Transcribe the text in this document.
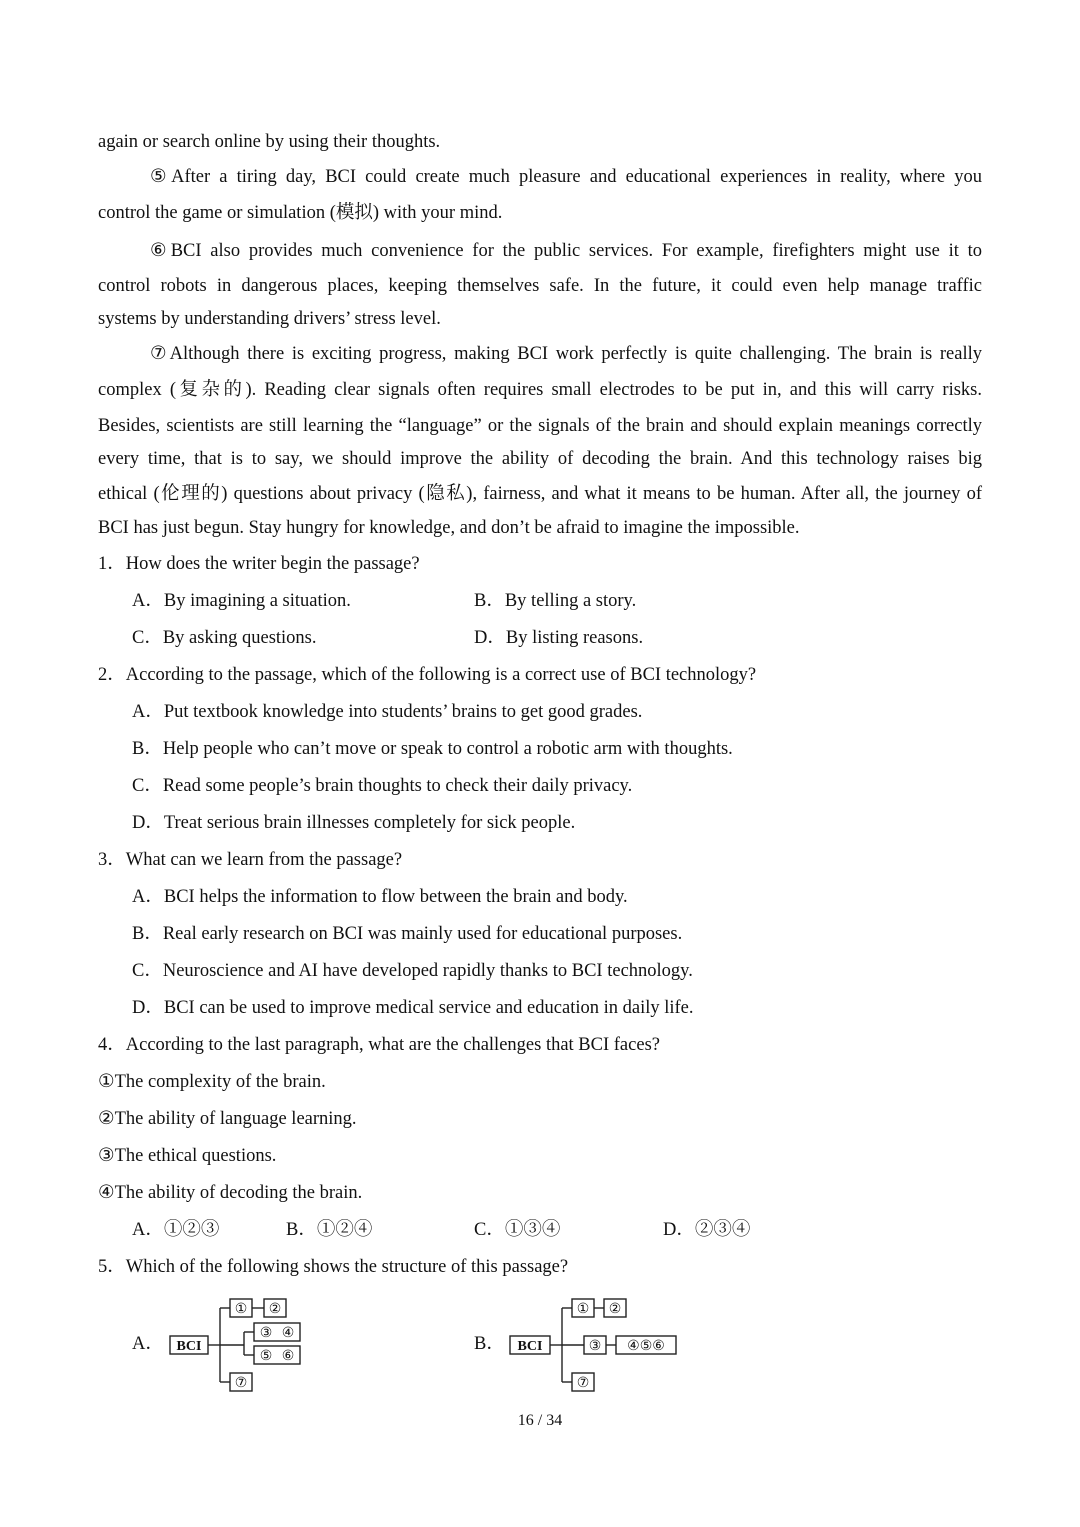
again or search online by using their thoughts.
⑤After a tiring day, BCI could create much pleasure and educational experiences in reality, where you
control the game or simulation (模拟) with your mind.
⑥BCI also provides much convenience for the public services. For example, firefighters might use it to
control robots in dangerous places, keeping themselves safe. In the future, it could even help manage traffic
systems by understanding drivers’ stress level.
⑦Although there is exciting progress, making BCI work perfectly is quite challenging. The brain is really
complex (复杂的). Reading clear signals often requires small electrodes to be put in, and this will carry risks.
Besides, scientists are still learning the “language” or the signals of the brain and should explain meanings correctly
every time, that is to say, we should improve the ability of decoding the brain. And this technology raises big
ethical (伦理的) questions about privacy (隐私), fairness, and what it means to be human. After all, the journey of
BCI has just begun. Stay hungry for knowledge, and don’t be afraid to imagine the impossible.
1．How does the writer begin the passage?
A．By imagining a situation.	B．By telling a story.
C．By asking questions.	D．By listing reasons.
2．According to the passage, which of the following is a correct use of BCI technology?
A．Put textbook knowledge into students’ brains to get good grades.
B．Help people who can’t move or speak to control a robotic arm with thoughts.
C．Read some people’s brain thoughts to check their daily privacy.
D．Treat serious brain illnesses completely for sick people.
3．What can we learn from the passage?
A．BCI helps the information to flow between the brain and body.
B．Real early research on BCI was mainly used for educational purposes.
C．Neuroscience and AI have developed rapidly thanks to BCI technology.
D．BCI can be used to improve medical service and education in daily life.
4．According to the last paragraph, what are the challenges that BCI faces?
①The complexity of the brain.
②The ability of language learning.
③The ethical questions.
④The ability of decoding the brain.
A．①②③	B．①②④	C．①③④	D．②③④
5．Which of the following shows the structure of this passage?
A．	B．
BCI
① ②
③ ④
⑤ ⑥
⑦
BCI
① ②
③ ④⑤⑥
⑦
16 / 34
